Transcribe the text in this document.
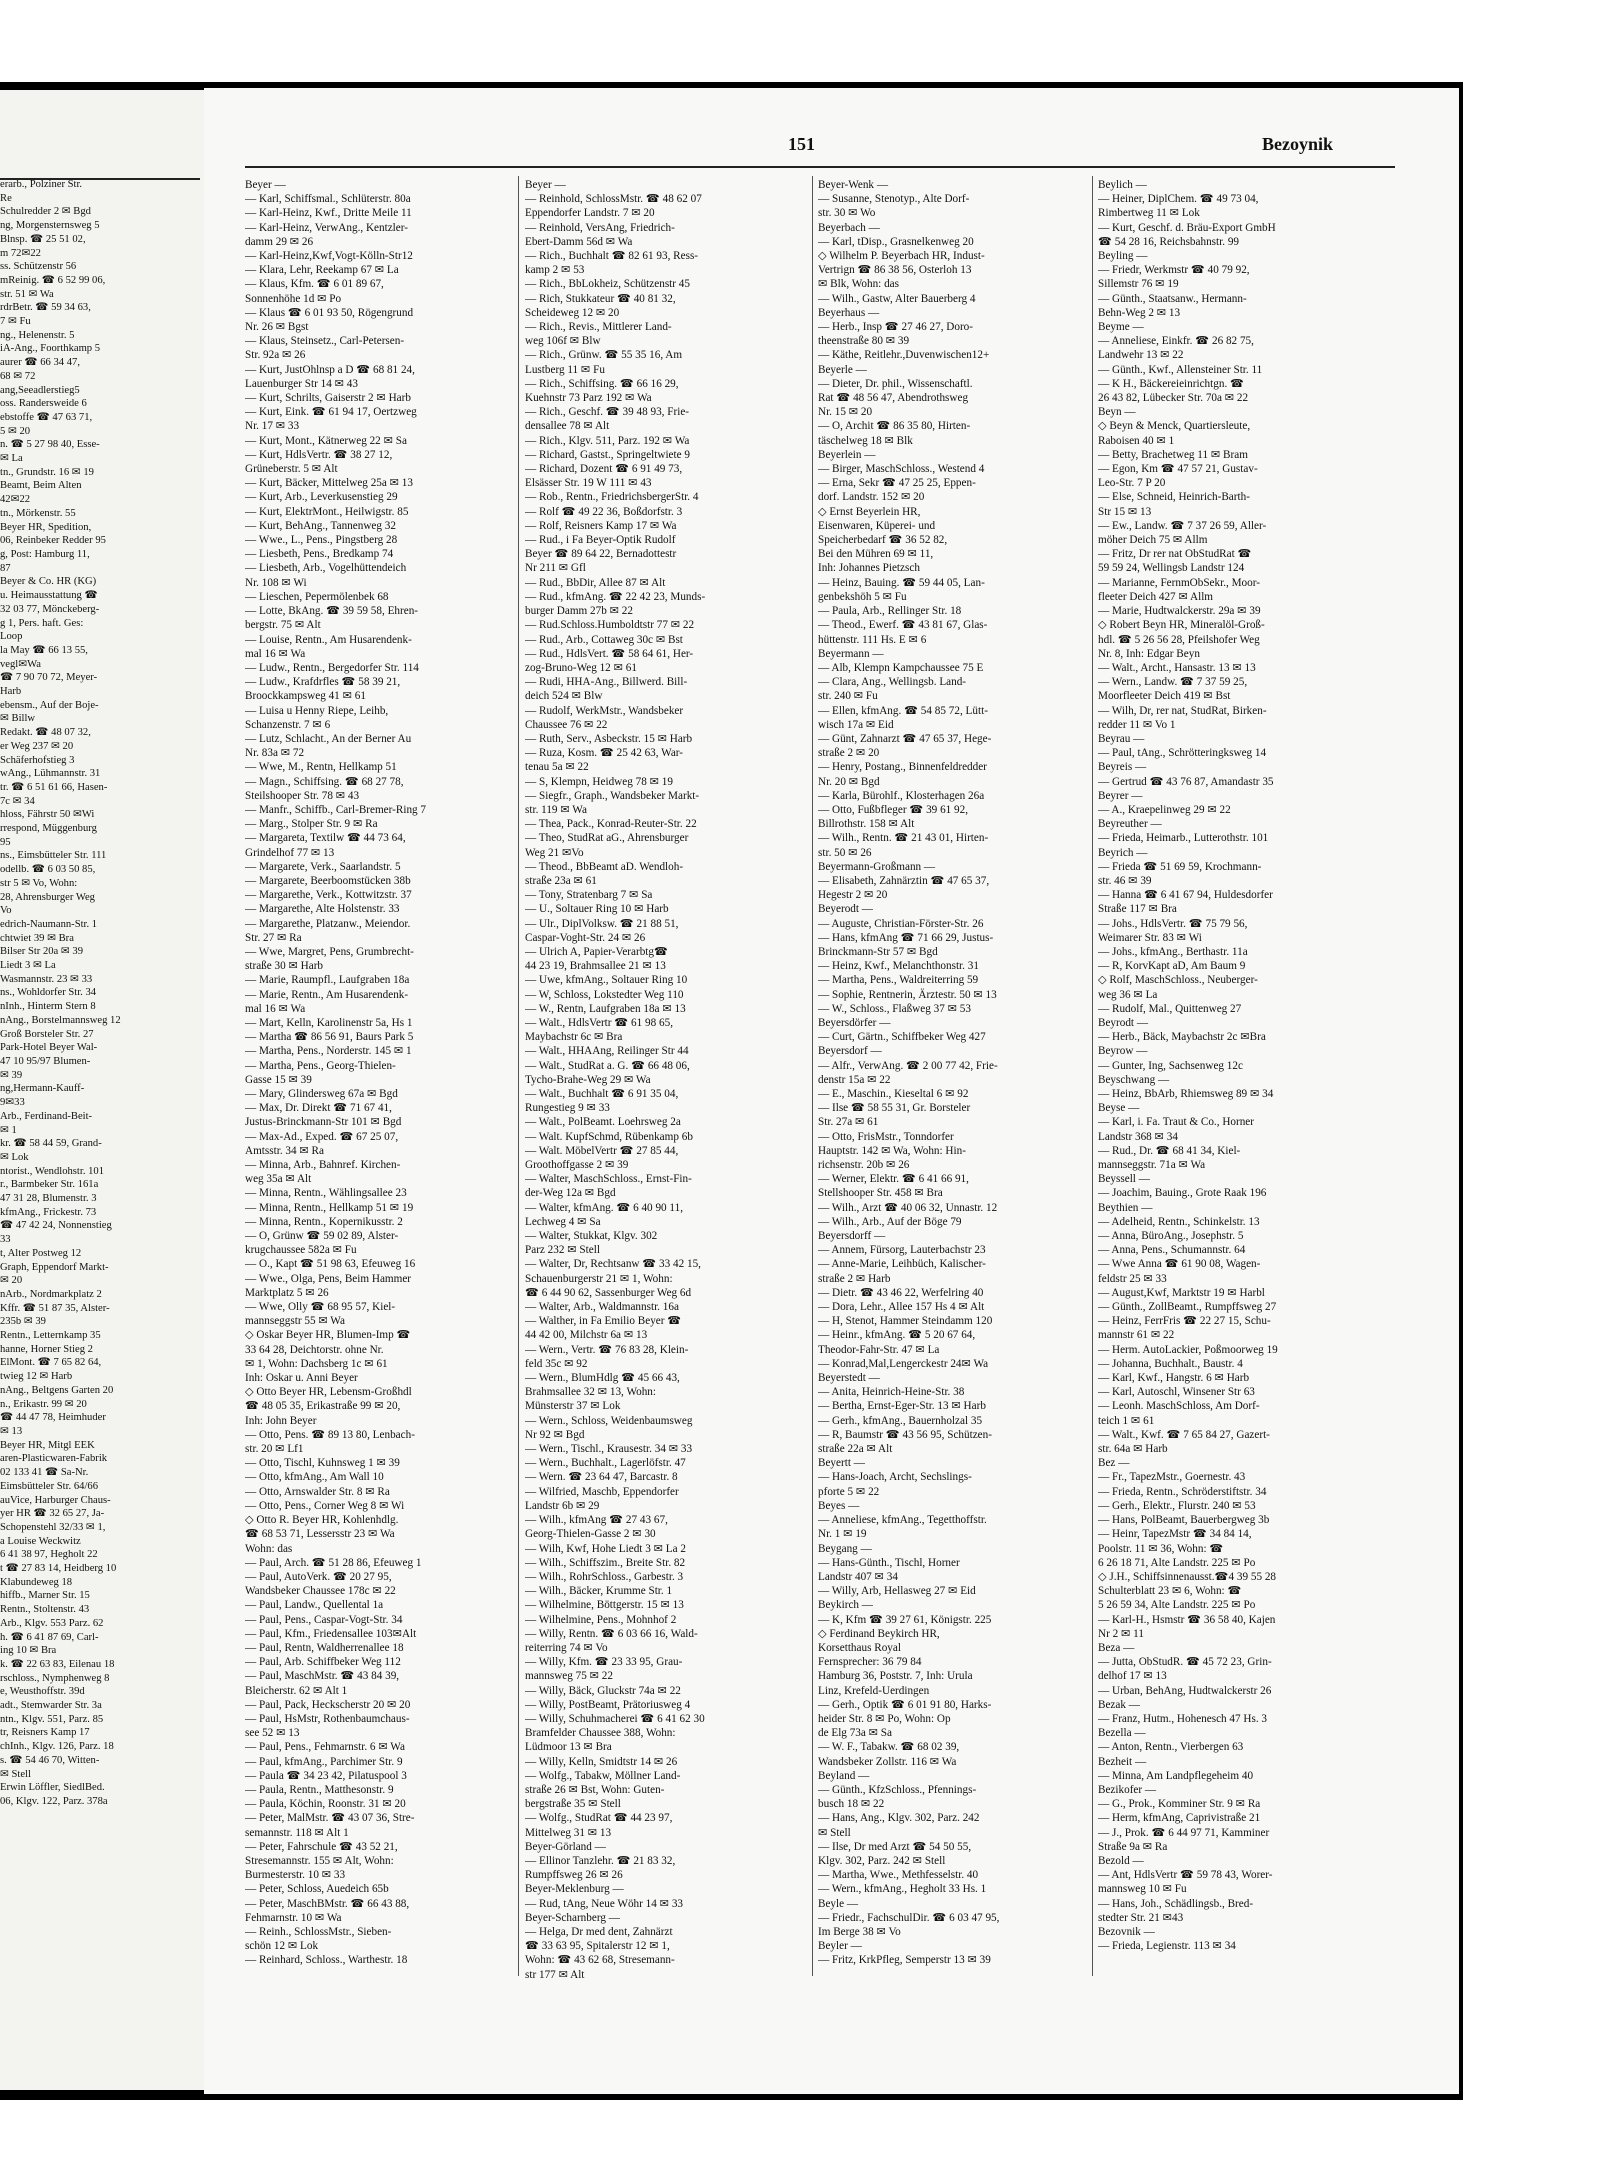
erarb., Polziner Str.
Re
Schulredder 2 ✉ Bgd
ng, Morgensternsweg 5
Blnsp. ☎ 25 51 02,
m 72✉22
ss. Schützenstr 56
mReinig. ☎ 6 52 99 06,
str. 51 ✉ Wa
rdrBetr. ☎ 59 34 63,
7 ✉ Fu
ng., Helenenstr. 5
iA-Ang., Foorthkamp 5
aurer ☎ 66 34 47,
68 ✉ 72
ang,Seeadlerstieg5
oss. Randersweide 6
ebstoffe ☎ 47 63 71,
5 ✉ 20
n. ☎ 5 27 98 40, Esse-
✉ La
tn., Grundstr. 16 ✉ 19
Beamt, Beim Alten
42✉22
tn., Mörkenstr. 55
Beyer HR, Spedition,
06, Reinbeker Redder 95
g, Post: Hamburg 11,
87
Beyer & Co. HR (KG)
u. Heimausstattung ☎
32 03 77, Mönckeberg-
g 1, Pers. haft. Ges:
Loop
la May ☎ 66 13 55,
vegl✉Wa
☎ 7 90 70 72, Meyer-
Harb
ebensm., Auf der Boje-
✉ Billw
Redakt. ☎ 48 07 32,
er Weg 237 ✉ 20
Schäferhofstieg 3
wAng., Lühmannstr. 31
tr. ☎ 6 51 61 66, Hasen-
7c ✉ 34
hloss, Fährstr 50 ✉Wi
rrespond, Müggenburg
95
ns., Eimsbütteler Str. 111
odellb. ☎ 6 03 50 85,
str 5 ✉ Vo, Wohn:
28, Ahrensburger Weg
Vo
edrich-Naumann-Str. 1
chtwiet 39 ✉ Bra
Bilser Str 20a ✉ 39
Liedt 3 ✉ La
Wasmannstr. 23 ✉ 33
ns., Wohldorfer Str. 34
nInh., Hinterm Stern 8
nAng., Borstelmannsweg 12
Groß Borsteler Str. 27
Park-Hotel Beyer Wal-
47 10 95/97 Blumen-
✉ 39
ng,Hermann-Kauff-
9✉33
Arb., Ferdinand-Beit-
✉ 1
kr. ☎ 58 44 59, Grand-
✉ Lok
ntorist., Wendlohstr. 101
r., Barmbeker Str. 161a
47 31 28, Blumenstr. 3
kfmAng., Frickestr. 73
☎ 47 42 24, Nonnenstieg
33
t, Alter Postweg 12
Graph, Eppendorf Markt-
✉ 20
nArb., Nordmarkplatz 2
Kffr. ☎ 51 87 35, Alster-
235b ✉ 39
Rentn., Letternkamp 35
hanne, Horner Stieg 2
ElMont. ☎ 7 65 82 64,
twieg 12 ✉ Harb
nAng., Beltgens Garten 20
n., Erikastr. 99 ✉ 20
☎ 44 47 78, Heimhuder
✉ 13
Beyer HR, Mitgl EEK
aren-Plasticwaren-Fabrik
02 133 41 ☎ Sa-Nr.
Eimsbütteler Str. 64/66
auVice, Harburger Chaus-
yer HR ☎ 32 65 27, Ja-
Schopenstehl 32/33 ✉ 1,
a Louise Weckwitz
6 41 38 97, Hegholt 22
t ☎ 27 83 14, Heidberg 10
Klabundeweg 18
hiffb., Marner Str. 15
Rentn., Stoltenstr. 43
Arb., Klgv. 553 Parz. 62
h. ☎ 6 41 87 69, Carl-
ing 10 ✉ Bra
k. ☎ 22 63 83, Eilenau 18
rschloss., Nymphenweg 8
e, Weusthoffstr. 39d
adt., Stemwarder Str. 3a
ntn., Klgv. 551, Parz. 85
tr, Reisners Kamp 17
chInh., Klgv. 126, Parz. 18
s. ☎ 54 46 70, Witten-
✉ Stell
Erwin Löffler, SiedlBed.
06, Klgv. 122, Parz. 378a
151	Bezoynik
Beyer —
— Karl, Schiffsmal., Schlüterstr. 80a
— Karl-Heinz, Kwf., Dritte Meile 11
— Karl-Heinz, VerwAng., Kentzler-
damm 29 ✉ 26
— Karl-Heinz,Kwf,Vogt-Kölln-Str12
— Klara, Lehr, Reekamp 67 ✉ La
— Klaus, Kfm. ☎ 6 01 89 67,
Sonnenhöhe 1d ✉ Po
— Klaus ☎ 6 01 93 50, Rögengrund
Nr. 26 ✉ Bgst
— Klaus, Steinsetz., Carl-Petersen-
Str. 92a ✉ 26
— Kurt, JustOhlnsp a D ☎ 68 81 24,
Lauenburger Str 14 ✉ 43
— Kurt, Schrilts, Gaiserstr 2 ✉ Harb
— Kurt, Eink. ☎ 61 94 17, Oertzweg
Nr. 17 ✉ 33
— Kurt, Mont., Kätnerweg 22 ✉ Sa
— Kurt, HdlsVertr. ☎ 38 27 12,
Grüneberstr. 5 ✉ Alt
— Kurt, Bäcker, Mittelweg 25a ✉ 13
— Kurt, Arb., Leverkusenstieg 29
— Kurt, ElektrMont., Heilwigstr. 85
— Kurt, BehAng., Tannenweg 32
— Wwe., L., Pens., Pingstberg 28
— Liesbeth, Pens., Bredkamp 74
— Liesbeth, Arb., Vogelhüttendeich
Nr. 108 ✉ Wi
— Lieschen, Pepermölenbek 68
— Lotte, BkAng. ☎ 39 59 58, Ehren-
bergstr. 75 ✉ Alt
— Louise, Rentn., Am Husarendenk-
mal 16 ✉ Wa
— Ludw., Rentn., Bergedorfer Str. 114
— Ludw., Krafdrfles ☎ 58 39 21,
Broockkampsweg 41 ✉ 61
— Luisa u Henny Riepe, Leihb,
Schanzenstr. 7 ✉ 6
— Lutz, Schlacht., An der Berner Au
Nr. 83a ✉ 72
— Wwe, M., Rentn, Hellkamp 51
— Magn., Schiffsing. ☎ 68 27 78,
Steilshooper Str. 78 ✉ 43
— Manfr., Schiffb., Carl-Bremer-Ring 7
— Marg., Stolper Str. 9 ✉ Ra
— Margareta, Textilw ☎ 44 73 64,
Grindelhof 77 ✉ 13
— Margarete, Verk., Saarlandstr. 5
— Margarete, Beerboomstücken 38b
— Margarethe, Verk., Kottwitzstr. 37
— Margarethe, Alte Holstenstr. 33
— Margarethe, Platzanw., Meiendor.
Str. 27 ✉ Ra
— Wwe, Margret, Pens, Grumbrecht-
straße 30 ✉ Harb
— Marie, Raumpfl., Laufgraben 18a
— Marie, Rentn., Am Husarendenk-
mal 16 ✉ Wa
— Mart, Kelln, Karolinenstr 5a, Hs 1
— Martha ☎ 86 56 91, Baurs Park 5
— Martha, Pens., Norderstr. 145 ✉ 1
— Martha, Pens., Georg-Thielen-
Gasse 15 ✉ 39
— Mary, Glindersweg 67a ✉ Bgd
— Max, Dr. Direkt ☎ 71 67 41,
Justus-Brinckmann-Str 101 ✉ Bgd
— Max-Ad., Exped. ☎ 67 25 07,
Amtsstr. 34 ✉ Ra
— Minna, Arb., Bahnref. Kirchen-
weg 35a ✉ Alt
— Minna, Rentn., Wählingsallee 23
— Minna, Rentn., Hellkamp 51 ✉ 19
— Minna, Rentn., Kopernikusstr. 2
— O, Grünw ☎ 59 02 89, Alster-
krugchaussee 582a ✉ Fu
— O., Kapt ☎ 51 98 63, Efeuweg 16
— Wwe., Olga, Pens, Beim Hammer
Marktplatz 5 ✉ 26
— Wwe, Olly ☎ 68 95 57, Kiel-
mannseggstr 55 ✉ Wa
◇ Oskar Beyer HR, Blumen-Imp ☎
33 64 28, Deichtorstr. ohne Nr.
✉ 1, Wohn: Dachsberg 1c ✉ 61
Inh: Oskar u. Anni Beyer
◇ Otto Beyer HR, Lebensm-Großhdl
☎ 48 05 35, Erikastraße 99 ✉ 20,
Inh: John Beyer
— Otto, Pens. ☎ 89 13 80, Lenbach-
str. 20 ✉ Lf1
— Otto, Tischl, Kuhnsweg 1 ✉ 39
— Otto, kfmAng., Am Wall 10
— Otto, Arnswalder Str. 8 ✉ Ra
— Otto, Pens., Corner Weg 8 ✉ Wi
◇ Otto R. Beyer HR, Kohlenhdlg.
☎ 68 53 71, Lessersstr 23 ✉ Wa
Wohn: das
— Paul, Arch. ☎ 51 28 86, Efeuweg 1
— Paul, AutoVerk. ☎ 20 27 95,
Wandsbeker Chaussee 178c ✉ 22
— Paul, Landw., Quellental 1a
— Paul, Pens., Caspar-Vogt-Str. 34
— Paul, Kfm., Friedensallee 103✉Alt
— Paul, Rentn, Waldherrenallee 18
— Paul, Arb. Schiffbeker Weg 112
— Paul, MaschMstr. ☎ 43 84 39,
Bleicherstr. 62 ✉ Alt 1
— Paul, Pack, Heckscherstr 20 ✉ 20
— Paul, HsMstr, Rothenbaumchaus-
see 52 ✉ 13
— Paul, Pens., Fehmarnstr. 6 ✉ Wa
— Paul, kfmAng., Parchimer Str. 9
— Paula ☎ 34 23 42, Pilatuspool 3
— Paula, Rentn., Matthesonstr. 9
— Paula, Köchin, Roonstr. 31 ✉ 20
— Peter, MalMstr. ☎ 43 07 36, Stre-
semannstr. 118 ✉ Alt 1
— Peter, Fahrschule ☎ 43 52 21,
Stresemannstr. 155 ✉ Alt, Wohn:
Burmesterstr. 10 ✉ 33
— Peter, Schloss, Auedeich 65b
— Peter, MaschBMstr. ☎ 66 43 88,
Fehmarnstr. 10 ✉ Wa
— Reinh., SchlossMstr., Sieben-
schön 12 ✉ Lok
— Reinhard, Schloss., Warthestr. 18
Beyer —
— Reinhold, SchlossMstr. ☎ 48 62 07
Eppendorfer Landstr. 7 ✉ 20
— Reinhold, VersAng, Friedrich-
Ebert-Damm 56d ✉ Wa
— Rich., Buchhalt ☎ 82 61 93, Ress-
kamp 2 ✉ 53
— Rich., BbLokheiz, Schützenstr 45
— Rich, Stukkateur ☎ 40 81 32,
Scheideweg 12 ✉ 20
— Rich., Revis., Mittlerer Land-
weg 106f ✉ Blw
— Rich., Grünw. ☎ 55 35 16, Am
Lustberg 11 ✉ Fu
— Rich., Schiffsing. ☎ 66 16 29,
Kuehnstr 73 Parz 192 ✉ Wa
— Rich., Geschf. ☎ 39 48 93, Frie-
densallee 78 ✉ Alt
— Rich., Klgv. 511, Parz. 192 ✉ Wa
— Richard, Gastst., Springeltwiete 9
— Richard, Dozent ☎ 6 91 49 73,
Elsässer Str. 19 W 111 ✉ 43
— Rob., Rentn., FriedrichsbergerStr. 4
— Rolf ☎ 49 22 36, Boßdorfstr. 3
— Rolf, Reisners Kamp 17 ✉ Wa
— Rud., i Fa Beyer-Optik Rudolf
Beyer ☎ 89 64 22, Bernadottestr
Nr 211 ✉ Gfl
— Rud., BbDir, Allee 87 ✉ Alt
— Rud., kfmAng. ☎ 22 42 23, Munds-
burger Damm 27b ✉ 22
— Rud.Schloss.Humboldtstr 77 ✉ 22
— Rud., Arb., Cottaweg 30c ✉ Bst
— Rud., HdlsVert. ☎ 58 64 61, Her-
zog-Bruno-Weg 12 ✉ 61
— Rudi, HHA-Ang., Billwerd. Bill-
deich 524 ✉ Blw
— Rudolf, WerkMstr., Wandsbeker
Chaussee 76 ✉ 22
— Ruth, Serv., Asbeckstr. 15 ✉ Harb
— Ruza, Kosm. ☎ 25 42 63, War-
tenau 5a ✉ 22
— S, Klempn, Heidweg 78 ✉ 19
— Siegfr., Graph., Wandsbeker Markt-
str. 119 ✉ Wa
— Thea, Pack., Konrad-Reuter-Str. 22
— Theo, StudRat aG., Ahrensburger
Weg 21 ✉Vo
— Theod., BbBeamt aD. Wendloh-
straße 23a ✉ 61
— Tony, Stratenbarg 7 ✉ Sa
— U., Soltauer Ring 10 ✉ Harb
— Ulr., DiplVolksw. ☎ 21 88 51,
Caspar-Voght-Str. 24 ✉ 26
— Ulrich A, Papier-Verarbtg☎
44 23 19, Brahmsallee 21 ✉ 13
— Uwe, kfmAng., Soltauer Ring 10
— W, Schloss, Lokstedter Weg 110
— W., Rentn, Laufgraben 18a ✉ 13
— Walt., HdlsVertr ☎ 61 98 65,
Maybachstr 6c ✉ Bra
— Walt., HHAAng, Reilinger Str 44
— Walt., StudRat a. G. ☎ 66 48 06,
Tycho-Brahe-Weg 29 ✉ Wa
— Walt., Buchhalt ☎ 6 91 35 04,
Rungestieg 9 ✉ 33
— Walt., PolBeamt. Loehrsweg 2a
— Walt. KupfSchmd, Rübenkamp 6b
— Walt. MöbelVertr ☎ 27 85 44,
Groothoffgasse 2 ✉ 39
— Walter, MaschSchloss., Ernst-Fin-
der-Weg 12a ✉ Bgd
— Walter, kfmAng. ☎ 6 40 90 11,
Lechweg 4 ✉ Sa
— Walter, Stukkat, Klgv. 302
Parz 232 ✉ Stell
— Walter, Dr, Rechtsanw ☎ 33 42 15,
Schauenburgerstr 21 ✉ 1, Wohn:
☎ 6 44 90 62, Sassenburger Weg 6d
— Walter, Arb., Waldmannstr. 16a
— Walther, in Fa Emilio Beyer ☎
44 42 00, Milchstr 6a ✉ 13
— Wern., Vertr. ☎ 76 83 28, Klein-
feld 35c ✉ 92
— Wern., BlumHdlg ☎ 45 66 43,
Brahmsallee 32 ✉ 13, Wohn:
Münsterstr 37 ✉ Lok
— Wern., Schloss, Weidenbaumsweg
Nr 92 ✉ Bgd
— Wern., Tischl., Krausestr. 34 ✉ 33
— Wern., Buchhalt., Lagerlöfstr. 47
— Wern. ☎ 23 64 47, Barcastr. 8
— Wilfried, Maschb, Eppendorfer
Landstr 6b ✉ 29
— Wilh., kfmAng ☎ 27 43 67,
Georg-Thielen-Gasse 2 ✉ 30
— Wilh, Kwf, Hohe Liedt 3 ✉ La 2
— Wilh., Schiffszim., Breite Str. 82
— Wilh., RohrSchloss., Garbestr. 3
— Wilh., Bäcker, Krumme Str. 1
— Wilhelmine, Böttgerstr. 15 ✉ 13
— Wilhelmine, Pens., Mohnhof 2
— Willy, Rentn. ☎ 6 03 66 16, Wald-
reiterring 74 ✉ Vo
— Willy, Kfm. ☎ 23 33 95, Grau-
mannsweg 75 ✉ 22
— Willy, Bäck, Gluckstr 74a ✉ 22
— Willy, PostBeamt, Prätoriusweg 4
— Willy, Schuhmacherei ☎ 6 41 62 30
Bramfelder Chaussee 388, Wohn:
Lüdmoor 13 ✉ Bra
— Willy, Kelln, Smidtstr 14 ✉ 26
— Wolfg., Tabakw, Möllner Land-
straße 26 ✉ Bst, Wohn: Guten-
bergstraße 35 ✉ Stell
— Wolfg., StudRat ☎ 44 23 97,
Mittelweg 31 ✉ 13
Beyer-Görland —
— Ellinor Tanzlehr. ☎ 21 83 32,
Rumpffsweg 26 ✉ 26
Beyer-Meklenburg —
— Rud, tAng, Neue Wöhr 14 ✉ 33
Beyer-Scharnberg —
— Helga, Dr med dent, Zahnärzt
☎ 33 63 95, Spitalerstr 12 ✉ 1,
Wohn: ☎ 43 62 68, Stresemann-
str 177 ✉ Alt
Beyer-Wenk —
— Susanne, Stenotyp., Alte Dorf-
str. 30 ✉ Wo
Beyerbach —
— Karl, tDisp., Grasnelkenweg 20
◇ Wilhelm P. Beyerbach HR, Indust-
Vertrign ☎ 86 38 56, Osterloh 13
✉ Blk, Wohn: das
— Wilh., Gastw, Alter Bauerberg 4
Beyerhaus —
— Herb., Insp ☎ 27 46 27, Doro-
theenstraße 80 ✉ 39
— Käthe, Reitlehr.,Duvenwischen12+
Beyerle —
— Dieter, Dr. phil., Wissenschaftl.
Rat ☎ 48 56 47, Abendrothsweg
Nr. 15 ✉ 20
— O, Archit ☎ 86 35 80, Hirten-
täschelweg 18 ✉ Blk
Beyerlein —
— Birger, MaschSchloss., Westend 4
— Erna, Sekr ☎ 47 25 25, Eppen-
dorf. Landstr. 152 ✉ 20
◇ Ernst Beyerlein HR,
Eisenwaren, Küperei- und
Speicherbedarf ☎ 36 52 82,
Bei den Mühren 69 ✉ 11,
Inh: Johannes Pietzsch
— Heinz, Bauing. ☎ 59 44 05, Lan-
genbekshöh 5 ✉ Fu
— Paula, Arb., Rellinger Str. 18
— Theod., Ewerf. ☎ 43 81 67, Glas-
hüttenstr. 111 Hs. E ✉ 6
Beyermann —
— Alb, Klempn Kampchaussee 75 E
— Clara, Ang., Wellingsb. Land-
str. 240 ✉ Fu
— Ellen, kfmAng. ☎ 54 85 72, Lütt-
wisch 17a ✉ Eid
— Günt, Zahnarzt ☎ 47 65 37, Hege-
straße 2 ✉ 20
— Henry, Postang., Binnenfeldredder
Nr. 20 ✉ Bgd
— Karla, Bürohlf., Klosterhagen 26a
— Otto, Fußbfleger ☎ 39 61 92,
Billrothstr. 158 ✉ Alt
— Wilh., Rentn. ☎ 21 43 01, Hirten-
str. 50 ✉ 26
Beyermann-Großmann —
— Elisabeth, Zahnärztin ☎ 47 65 37,
Hegestr 2 ✉ 20
Beyerodt —
— Auguste, Christian-Förster-Str. 26
— Hans, kfmAng ☎ 71 66 29, Justus-
Brinckmann-Str 57 ✉ Bgd
— Heinz, Kwf., Melanchthonstr. 31
— Martha, Pens., Waldreiterring 59
— Sophie, Rentnerin, Ärztestr. 50 ✉ 13
— W., Schloss., Flaßweg 37 ✉ 53
Beyersdörfer —
— Curt, Gärtn., Schiffbeker Weg 427
Beyersdorf —
— Alfr., VerwAng. ☎ 2 00 77 42, Frie-
denstr 15a ✉ 22
— E., Maschin., Kieseltal 6 ✉ 92
— Ilse ☎ 58 55 31, Gr. Borsteler
Str. 27a ✉ 61
— Otto, FrisMstr., Tonndorfer
Hauptstr. 142 ✉ Wa, Wohn: Hin-
richsenstr. 20b ✉ 26
— Werner, Elektr. ☎ 6 41 66 91,
Stellshooper Str. 458 ✉ Bra
— Wilh., Arzt ☎ 40 06 32, Unnastr. 12
— Wilh., Arb., Auf der Böge 79
Beyersdorff —
— Annem, Fürsorg, Lauterbachstr 23
— Anne-Marie, Leihbüch, Kalischer-
straße 2 ✉ Harb
— Dietr. ☎ 43 46 22, Werfelring 40
— Dora, Lehr., Allee 157 Hs 4 ✉ Alt
— H, Stenot, Hammer Steindamm 120
— Heinr., kfmAng. ☎ 5 20 67 64,
Theodor-Fahr-Str. 47 ✉ La
— Konrad,Mal,Lengerckestr 24✉ Wa
Beyerstedt —
— Anita, Heinrich-Heine-Str. 38
— Bertha, Ernst-Eger-Str. 13 ✉ Harb
— Gerh., kfmAng., Bauernholzal 35
— R, Baumstr ☎ 43 56 95, Schützen-
straße 22a ✉ Alt
Beyertt —
— Hans-Joach, Archt, Sechslings-
pforte 5 ✉ 22
Beyes —
— Anneliese, kfmAng., Tegetthoffstr.
Nr. 1 ✉ 19
Beygang —
— Hans-Günth., Tischl, Horner
Landstr 407 ✉ 34
— Willy, Arb, Hellasweg 27 ✉ Eid
Beykirch —
— K, Kfm ☎ 39 27 61, Königstr. 225
◇ Ferdinand Beykirch HR,
Korsetthaus Royal
Fernsprecher: 36 79 84
Hamburg 36, Poststr. 7, Inh: Urula
Linz, Krefeld-Uerdingen
— Gerh., Optik ☎ 6 01 91 80, Harks-
heider Str. 8 ✉ Po, Wohn: Op
de Elg 73a ✉ Sa
— W. F., Tabakw. ☎ 68 02 39,
Wandsbeker Zollstr. 116 ✉ Wa
Beyland —
— Günth., KfzSchloss., Pfennings-
busch 18 ✉ 22
— Hans, Ang., Klgv. 302, Parz. 242
✉ Stell
— Ilse, Dr med Arzt ☎ 54 50 55,
Klgv. 302, Parz. 242 ✉ Stell
— Martha, Wwe., Methfesselstr. 40
— Wern., kfmAng., Hegholt 33 Hs. 1
Beyle —
— Friedr., FachschulDir. ☎ 6 03 47 95,
Im Berge 38 ✉ Vo
Beyler —
— Fritz, KrkPfleg, Semperstr 13 ✉ 39
Beylich —
— Heiner, DiplChem. ☎ 49 73 04,
Rimbertweg 11 ✉ Lok
— Kurt, Geschf. d. Bräu-Export GmbH
☎ 54 28 16, Reichsbahnstr. 99
Beyling —
— Friedr, Werkmstr ☎ 40 79 92,
Sillemstr 76 ✉ 19
— Günth., Staatsanw., Hermann-
Behn-Weg 2 ✉ 13
Beyme —
— Anneliese, Einkfr. ☎ 26 82 75,
Landwehr 13 ✉ 22
— Günth., Kwf., Allensteiner Str. 11
— K H., Bäckereieinrichtgn. ☎
26 43 82, Lübecker Str. 70a ✉ 22
Beyn —
◇ Beyn & Menck, Quartiersleute,
Raboisen 40 ✉ 1
— Betty, Brachetweg 11 ✉ Bram
— Egon, Km ☎ 47 57 21, Gustav-
Leo-Str. 7 P 20
— Else, Schneid, Heinrich-Barth-
Str 15 ✉ 13
— Ew., Landw. ☎ 7 37 26 59, Aller-
möher Deich 75 ✉ Allm
— Fritz, Dr rer nat ObStudRat ☎
59 59 24, Wellingsb Landstr 124
— Marianne, FernmObSekr., Moor-
fleeter Deich 427 ✉ Allm
— Marie, Hudtwalckerstr. 29a ✉ 39
◇ Robert Beyn HR, Mineralöl-Groß-
hdl. ☎ 5 26 56 28, Pfeilshofer Weg
Nr. 8, Inh: Edgar Beyn
— Walt., Archt., Hansastr. 13 ✉ 13
— Wern., Landw. ☎ 7 37 59 25,
Moorfleeter Deich 419 ✉ Bst
— Wilh, Dr, rer nat, StudRat, Birken-
redder 11 ✉ Vo 1
Beyrau —
— Paul, tAng., Schrötteringksweg 14
Beyreis —
— Gertrud ☎ 43 76 87, Amandastr 35
Beyrer —
— A., Kraepelinweg 29 ✉ 22
Beyreuther —
— Frieda, Heimarb., Lutterothstr. 101
Beyrich —
— Frieda ☎ 51 69 59, Krochmann-
str. 46 ✉ 39
— Hanna ☎ 6 41 67 94, Huldesdorfer
Straße 117 ✉ Bra
— Johs., HdlsVertr. ☎ 75 79 56,
Weimarer Str. 83 ✉ Wi
— Johs., kfmAng., Berthastr. 11a
— R, KorvKapt aD, Am Baum 9
◇ Rolf, MaschSchloss., Neuberger-
weg 36 ✉ La
— Rudolf, Mal., Quittenweg 27
Beyrodt —
— Herb., Bäck, Maybachstr 2c ✉Bra
Beyrow —
— Gunter, Ing, Sachsenweg 12c
Beyschwang —
— Heinz, BbArb, Rhiemsweg 89 ✉ 34
Beyse —
— Karl, i. Fa. Traut & Co., Horner
Landstr 368 ✉ 34
— Rud., Dr. ☎ 68 41 34, Kiel-
mannseggstr. 71a ✉ Wa
Beyssell —
— Joachim, Bauing., Grote Raak 196
Beythien —
— Adelheid, Rentn., Schinkelstr. 13
— Anna, BüroAng., Josephstr. 5
— Anna, Pens., Schumannstr. 64
— Wwe Anna ☎ 61 90 08, Wagen-
feldstr 25 ✉ 33
— August,Kwf, Marktstr 19 ✉ Harbl
— Günth., ZollBeamt., Rumpffsweg 27
— Heinz, FerrFris ☎ 22 27 15, Schu-
mannstr 61 ✉ 22
— Herm. AutoLackier, Poßmoorweg 19
— Johanna, Buchhalt., Baustr. 4
— Karl, Kwf., Hangstr. 6 ✉ Harb
— Karl, Autoschl, Winsener Str 63
— Leonh. MaschSchloss, Am Dorf-
teich 1 ✉ 61
— Walt., Kwf. ☎ 7 65 84 27, Gazert-
str. 64a ✉ Harb
Bez —
— Fr., TapezMstr., Goernestr. 43
— Frieda, Rentn., Schröderstiftstr. 34
— Gerh., Elektr., Flurstr. 240 ✉ 53
— Hans, PolBeamt, Bauerbergweg 3b
— Heinr, TapezMstr ☎ 34 84 14,
Poolstr. 11 ✉ 36, Wohn: ☎
6 26 18 71, Alte Landstr. 225 ✉ Po
◇ J.H., Schiffsinnenausst.☎4 39 55 28
Schulterblatt 23 ✉ 6, Wohn: ☎
5 26 59 34, Alte Landstr. 225 ✉ Po
— Karl-H., Hsmstr ☎ 36 58 40, Kajen
Nr 2 ✉ 11
Beza —
— Jutta, ObStudR. ☎ 45 72 23, Grin-
delhof 17 ✉ 13
— Urban, BehAng, Hudtwalckerstr 26
Bezak —
— Franz, Hutm., Hohenesch 47 Hs. 3
Bezella —
— Anton, Rentn., Vierbergen 63
Bezheit —
— Minna, Am Landpflegeheim 40
Bezikofer —
— G., Prok., Komminer Str. 9 ✉ Ra
— Herm, kfmAng, Caprivistraße 21
— J., Prok. ☎ 6 44 97 71, Kamminer
Straße 9a ✉ Ra
Bezold —
— Ant, HdlsVertr ☎ 59 78 43, Worer-
mannsweg 10 ✉ Fu
— Hans, Joh., Schädlingsb., Bred-
stedter Str. 21 ✉43
Bezovnik —
— Frieda, Legienstr. 113 ✉ 34
